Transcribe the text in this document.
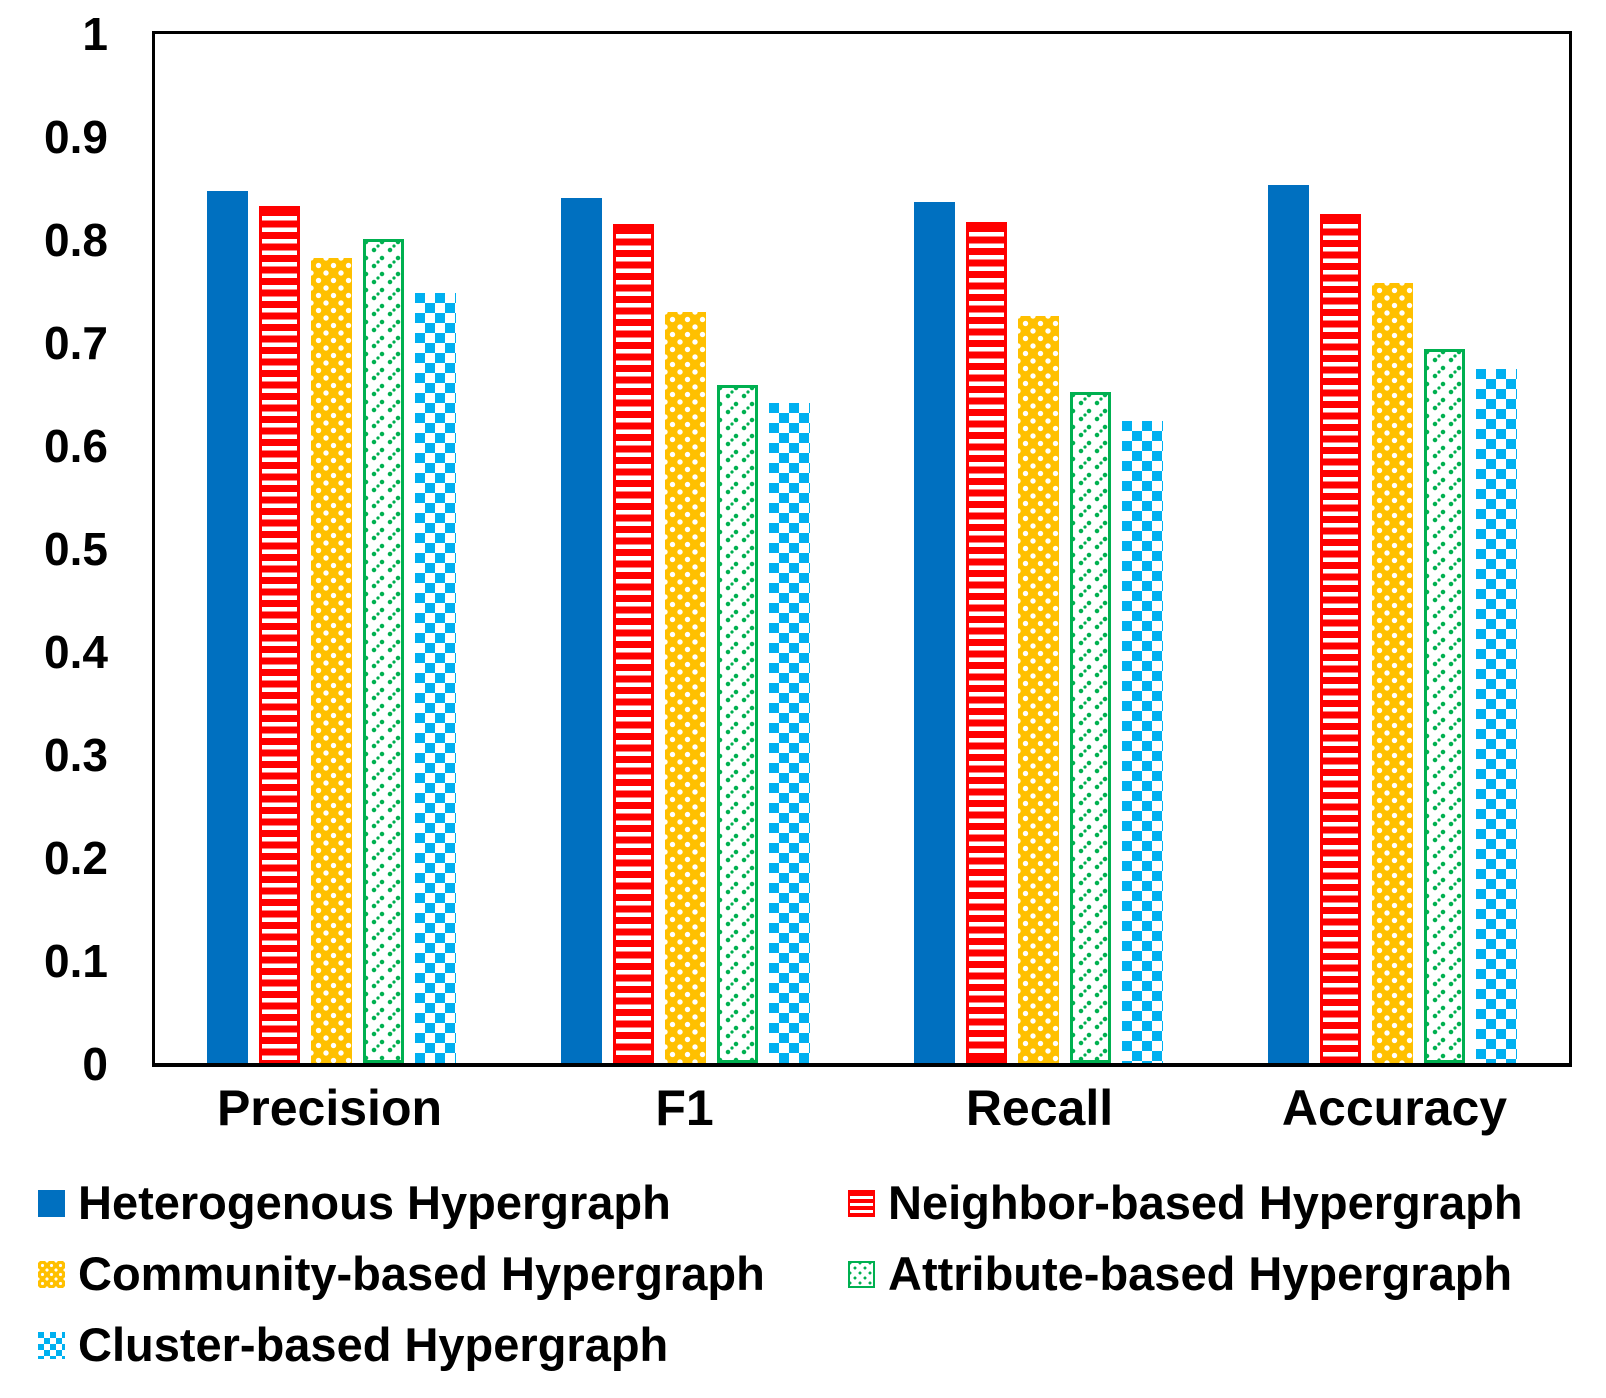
1
0.9
0.8
0.7
0.6
0.5
0.4
0.3
0.2
0.1
0
Precision	F1	Recall	Accuracy
Heterogenous Hypergraph	Neighbor-based Hypergraph
Community-based Hypergraph	Attribute-based Hypergraph
Cluster-based Hypergraph
